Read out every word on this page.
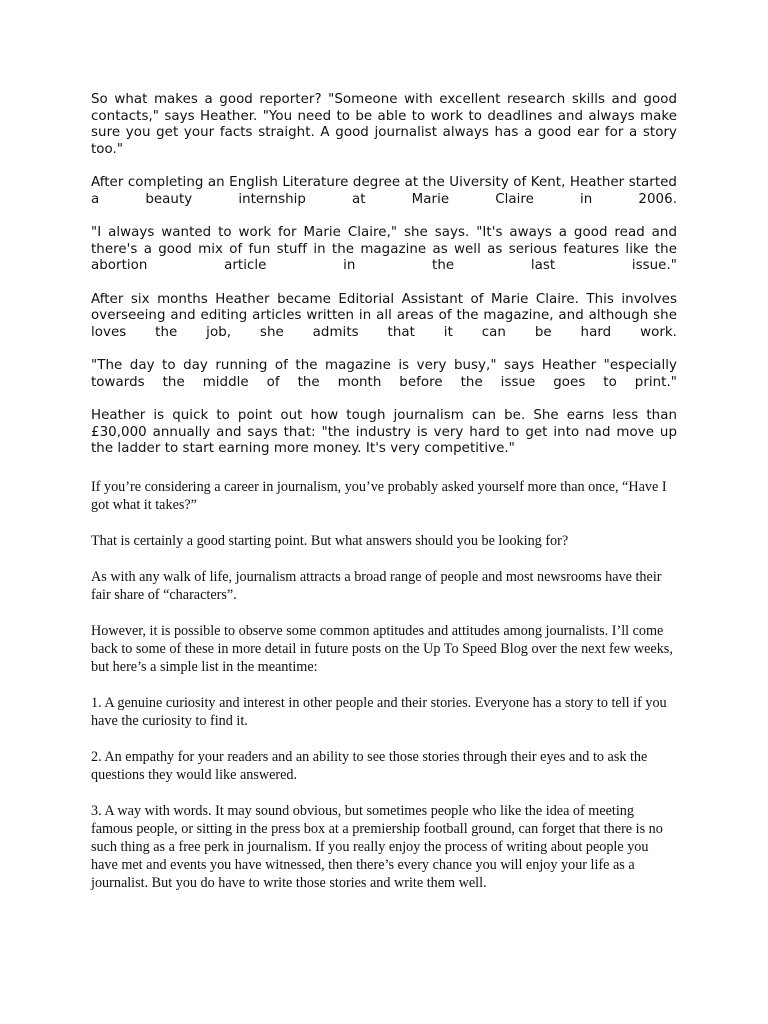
So what makes a good reporter? "Someone with excellent research skills and good contacts," says Heather. "You need to be able to work to deadlines and always make sure you get your facts straight. A good journalist always has a good ear for a story too."

After completing an English Literature degree at the Uiversity of Kent, Heather started a beauty internship at Marie Claire in 2006.

"I always wanted to work for Marie Claire," she says. "It's aways a good read and there's a good mix of fun stuff in the magazine as well as serious features like the abortion article in the last issue."

After six months Heather became Editorial Assistant of Marie Claire. This involves overseeing and editing articles written in all areas of the magazine, and although she loves the job, she admits that it can be hard work.

"The day to day running of the magazine is very busy," says Heather "especially towards the middle of the month before the issue goes to print."

Heather is quick to point out how tough journalism can be. She earns less than £30,000 annually and says that: "the industry is very hard to get into nad move up the ladder to start earning more money. It's very competitive."

If you’re considering a career in journalism, you’ve probably asked yourself more than once, “Have I got what it takes?”

That is certainly a good starting point. But what answers should you be looking for?

As with any walk of life, journalism attracts a broad range of people and most newsrooms have their fair share of “characters”.

However, it is possible to observe some common aptitudes and attitudes among journalists. I’ll come back to some of these in more detail in future posts on the Up To Speed Blog over the next few weeks, but here’s a simple list in the meantime:

1. A genuine curiosity and interest in other people and their stories. Everyone has a story to tell if you have the curiosity to find it.

2. An empathy for your readers and an ability to see those stories through their eyes and to ask the questions they would like answered.

3. A way with words. It may sound obvious, but sometimes people who like the idea of meeting famous people, or sitting in the press box at a premiership football ground, can forget that there is no such thing as a free perk in journalism. If you really enjoy the process of writing about people you have met and events you have witnessed, then there’s every chance you will enjoy your life as a journalist. But you do have to write those stories and write them well.
